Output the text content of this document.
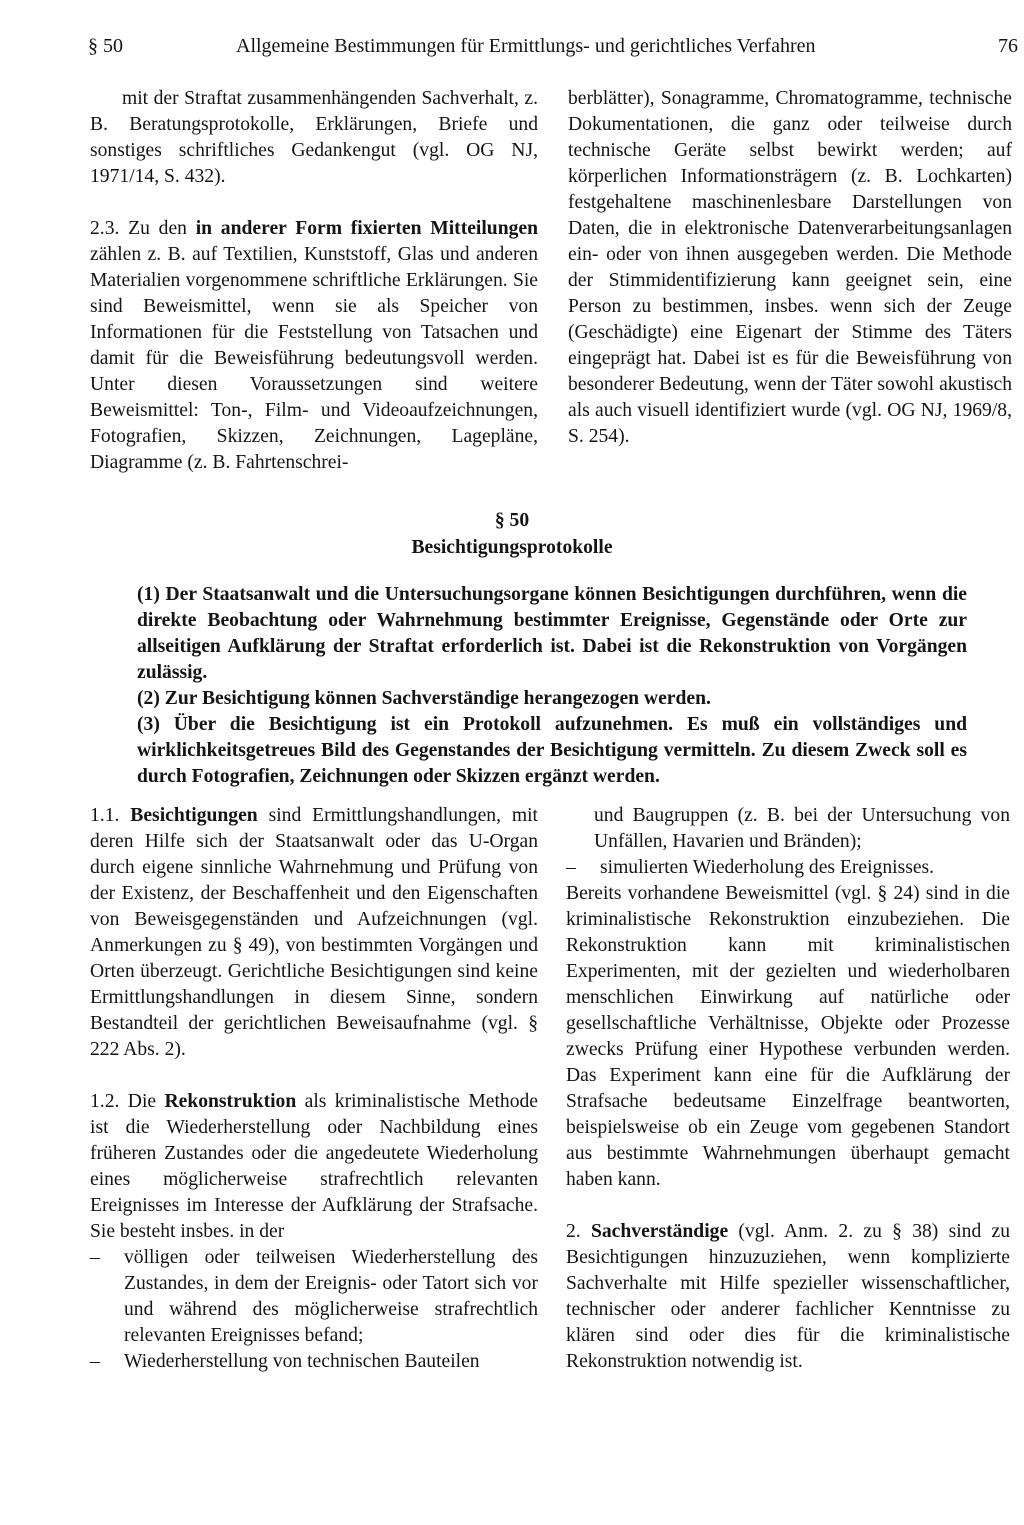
§ 50	Allgemeine Bestimmungen für Ermittlungs- und gerichtliches Verfahren	76

mit der Straftat zusammenhängenden Sachverhalt, z. B. Beratungsprotokolle, Erklärungen, Briefe und sonstiges schriftliches Gedankengut (vgl. OG NJ, 1971/14, S. 432).

2.3. Zu den in anderer Form fixierten Mitteilungen zählen z. B. auf Textilien, Kunststoff, Glas und anderen Materialien vorgenommene schriftliche Erklärungen. Sie sind Beweismittel, wenn sie als Speicher von Informationen für die Feststellung von Tatsachen und damit für die Beweisführung bedeutungsvoll werden. Unter diesen Voraussetzungen sind weitere Beweismittel: Ton-, Film- und Videoaufzeichnungen, Fotografien, Skizzen, Zeichnungen, Lagepläne, Diagramme (z. B. Fahrtenschrei-

berblätter), Sonagramme, Chromatogramme, technische Dokumentationen, die ganz oder teilweise durch technische Geräte selbst bewirkt werden; auf körperlichen Informationsträgern (z. B. Lochkarten) festgehaltene maschinenlesbare Darstellungen von Daten, die in elektronische Datenverarbeitungsanlagen ein- oder von ihnen ausgegeben werden. Die Methode der Stimmidentifizierung kann geeignet sein, eine Person zu bestimmen, insbes. wenn sich der Zeuge (Geschädigte) eine Eigenart der Stimme des Täters eingeprägt hat. Dabei ist es für die Beweisführung von besonderer Bedeutung, wenn der Täter sowohl akustisch als auch visuell identifiziert wurde (vgl. OG NJ, 1969/8, S. 254).

§ 50
Besichtigungsprotokolle

(1) Der Staatsanwalt und die Untersuchungsorgane können Besichtigungen durchführen, wenn die direkte Beobachtung oder Wahrnehmung bestimmter Ereignisse, Gegenstände oder Orte zur allseitigen Aufklärung der Straftat erforderlich ist. Dabei ist die Rekonstruktion von Vorgängen zulässig.

(2) Zur Besichtigung können Sachverständige herangezogen werden.

(3) Über die Besichtigung ist ein Protokoll aufzunehmen. Es muß ein vollständiges und wirklichkeitsgetreues Bild des Gegenstandes der Besichtigung vermitteln. Zu diesem Zweck soll es durch Fotografien, Zeichnungen oder Skizzen ergänzt werden.

1.1. Besichtigungen sind Ermittlungshandlungen, mit deren Hilfe sich der Staatsanwalt oder das U-Organ durch eigene sinnliche Wahrnehmung und Prüfung von der Existenz, der Beschaffenheit und den Eigenschaften von Beweisgegenständen und Aufzeichnungen (vgl. Anmerkungen zu § 49), von bestimmten Vorgängen und Orten überzeugt. Gerichtliche Besichtigungen sind keine Ermittlungshandlungen in diesem Sinne, sondern Bestandteil der gerichtlichen Beweisaufnahme (vgl. § 222 Abs. 2).

1.2. Die Rekonstruktion als kriminalistische Methode ist die Wiederherstellung oder Nachbildung eines früheren Zustandes oder die angedeutete Wiederholung eines möglicherweise strafrechtlich relevanten Ereignisses im Interesse der Aufklärung der Strafsache. Sie besteht insbes. in der

– völligen oder teilweisen Wiederherstellung des Zustandes, in dem der Ereignis- oder Tatort sich vor und während des möglicherweise strafrechtlich relevanten Ereignisses befand;

– Wiederherstellung von technischen Bauteilen

und Baugruppen (z. B. bei der Untersuchung von Unfällen, Havarien und Bränden);

– simulierten Wiederholung des Ereignisses.

Bereits vorhandene Beweismittel (vgl. § 24) sind in die kriminalistische Rekonstruktion einzubeziehen. Die Rekonstruktion kann mit kriminalistischen Experimenten, mit der gezielten und wiederholbaren menschlichen Einwirkung auf natürliche oder gesellschaftliche Verhältnisse, Objekte oder Prozesse zwecks Prüfung einer Hypothese verbunden werden. Das Experiment kann eine für die Aufklärung der Strafsache bedeutsame Einzelfrage beantworten, beispielsweise ob ein Zeuge vom gegebenen Standort aus bestimmte Wahrnehmungen überhaupt gemacht haben kann.

2. Sachverständige (vgl. Anm. 2. zu § 38) sind zu Besichtigungen hinzuzuziehen, wenn komplizierte Sachverhalte mit Hilfe spezieller wissenschaftlicher, technischer oder anderer fachlicher Kenntnisse zu klären sind oder dies für die kriminalistische Rekonstruktion notwendig ist.
